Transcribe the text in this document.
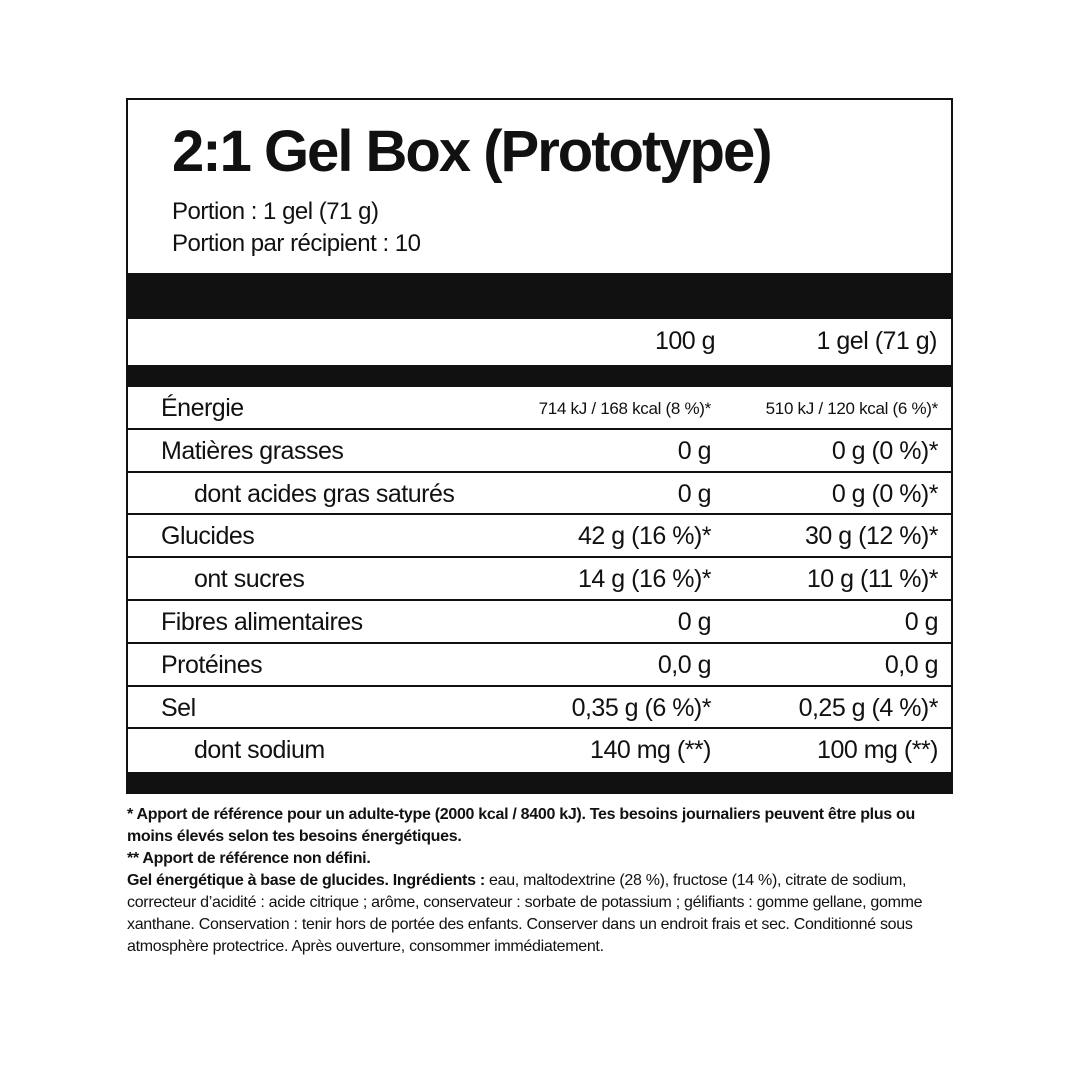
2:1 Gel Box (Prototype)
Portion : 1 gel (71 g)
Portion par récipient : 10
100 g	1 gel (71 g)
Énergie	714 kJ / 168 kcal (8 %)*	510 kJ / 120 kcal (6 %)*
Matières grasses	0 g	0 g (0 %)*
dont acides gras saturés	0 g	0 g (0 %)*
Glucides	42 g (16 %)*	30 g (12 %)*
ont sucres	14 g (16 %)*	10 g (11 %)*
Fibres alimentaires	0 g	0 g
Protéines	0,0 g	0,0 g
Sel	0,35 g (6 %)*	0,25 g (4 %)*
dont sodium	140 mg (**)	100 mg (**)

* Apport de référence pour un adulte-type (2000 kcal / 8400 kJ). Tes besoins journaliers peuvent être plus ou moins élevés selon tes besoins énergétiques.

** Apport de référence non défini.

Gel énergétique à base de glucides. Ingrédients : eau, maltodextrine (28 %), fructose (14 %), citrate de sodium, correcteur d’acidité : acide citrique ; arôme, conservateur : sorbate de potassium ; gélifiants : gomme gellane, gomme xanthane. Conservation : tenir hors de portée des enfants. Conserver dans un endroit frais et sec. Conditionné sous atmosphère protectrice. Après ouverture, consommer immédiatement.
